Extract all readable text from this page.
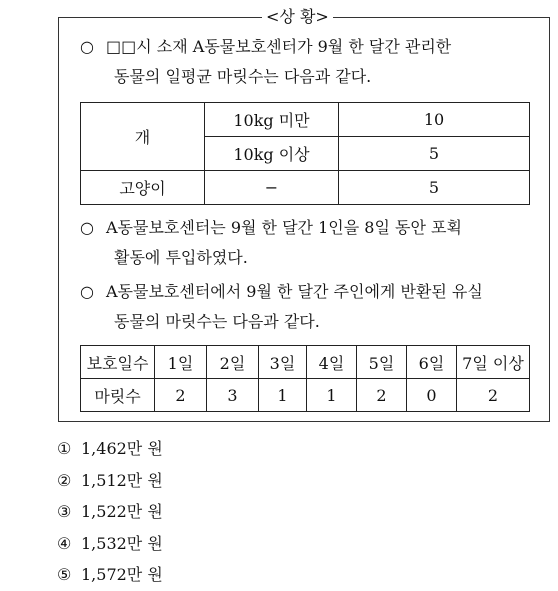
<상 황>
○ □□시 소재 A동물보호센터가 9월 한 달간 관리한
동물의 일평균 마릿수는 다음과 같다.
개	10kg 미만	10
	10kg 이상	5
고양이	−	5
○ A동물보호센터는 9월 한 달간 1인을 8일 동안 포획
활동에 투입하였다.
○ A동물보호센터에서 9월 한 달간 주인에게 반환된 유실
동물의 마릿수는 다음과 같다.
보호일수	1일	2일	3일	4일	5일	6일	7일 이상
마릿수	2	3	1	1	2	0	2
① 1,462만 원
② 1,512만 원
③ 1,522만 원
④ 1,532만 원
⑤ 1,572만 원
